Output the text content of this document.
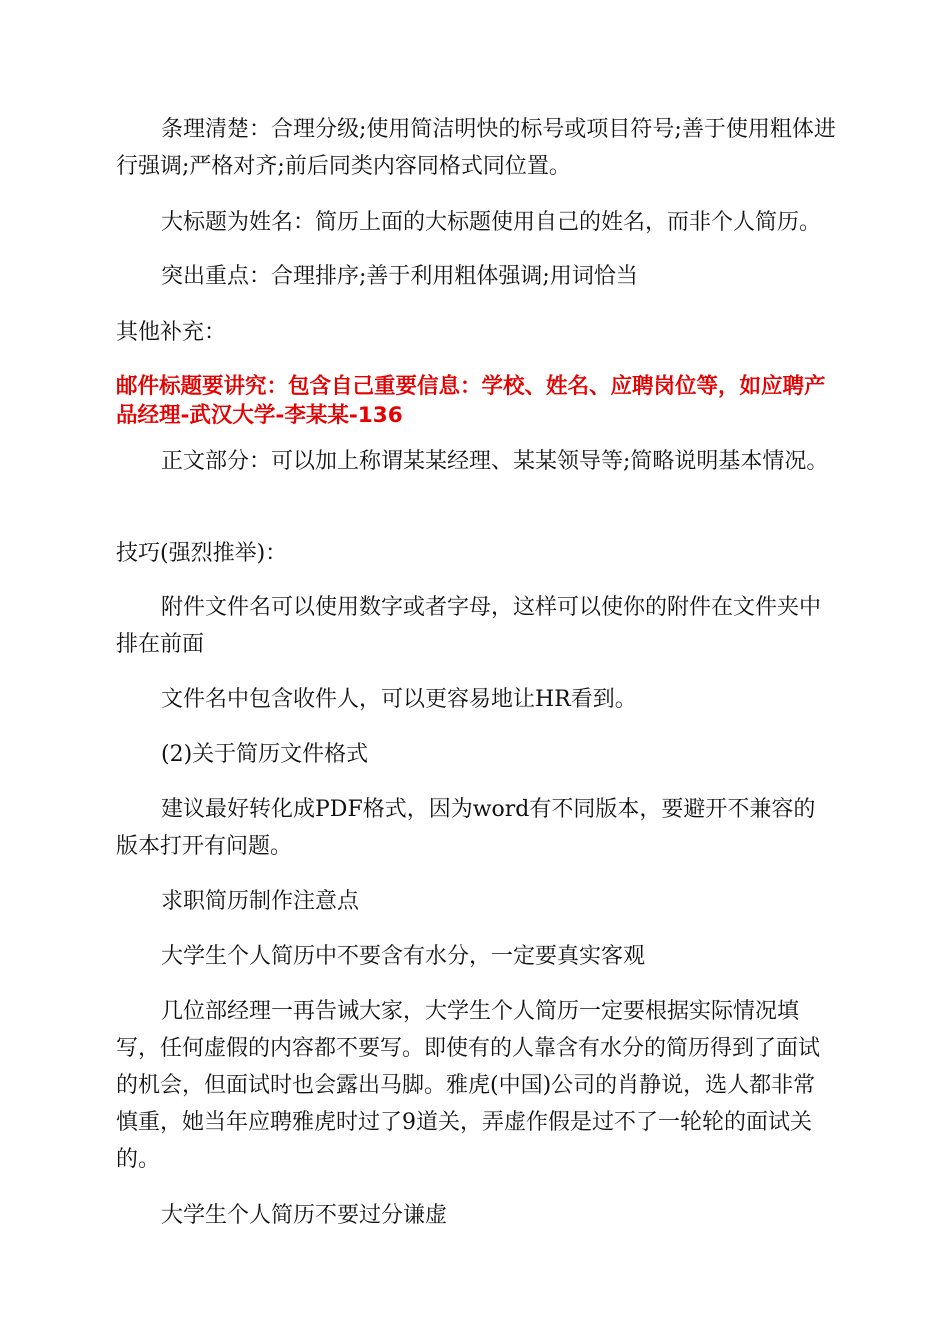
条理清楚：合理分级;使用简洁明快的标号或项目符号;善于使用粗体进行强调;严格对齐;前后同类内容同格式同位置。

大标题为姓名：简历上面的大标题使用自己的姓名，而非个人简历。

突出重点：合理排序;善于利用粗体强调;用词恰当

其他补充：

邮件标题要讲究：包含自己重要信息：学校、姓名、应聘岗位等，如应聘产品经理-武汉大学-李某某-136

正文部分：可以加上称谓某某经理、某某领导等;简略说明基本情况。

技巧(强烈推举)：

附件文件名可以使用数字或者字母，这样可以使你的附件在文件夹中排在前面

文件名中包含收件人，可以更容易地让HR看到。

(2)关于简历文件格式

建议最好转化成PDF格式，因为word有不同版本，要避开不兼容的版本打开有问题。

求职简历制作注意点

大学生个人简历中不要含有水分，一定要真实客观

几位部经理一再告诫大家，大学生个人简历一定要根据实际情况填写，任何虚假的内容都不要写。即使有的人靠含有水分的简历得到了面试的机会，但面试时也会露出马脚。雅虎(中国)公司的肖静说，选人都非常慎重，她当年应聘雅虎时过了9道关，弄虚作假是过不了一轮轮的面试关的。

大学生个人简历不要过分谦虚
